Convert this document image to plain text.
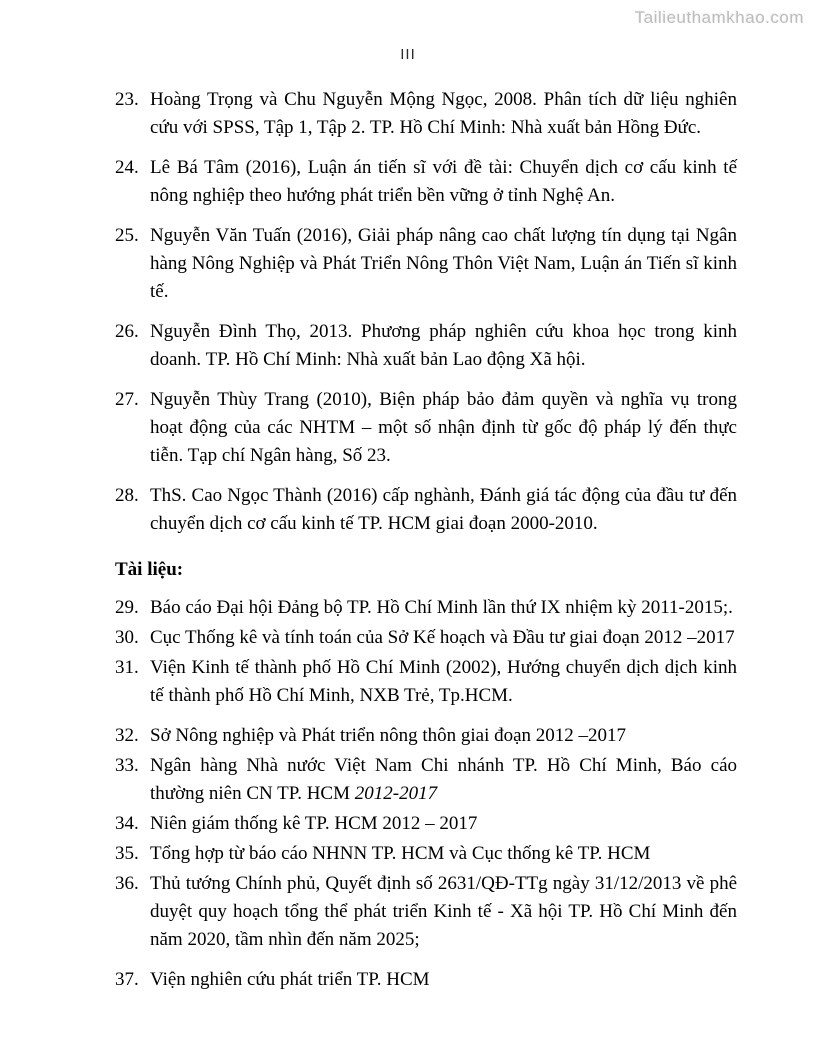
Tailieuthamkhao.com
III
23. Hoàng Trọng và Chu Nguyễn Mộng Ngọc, 2008. Phân tích dữ liệu nghiên cứu với SPSS, Tập 1, Tập 2. TP. Hồ Chí Minh: Nhà xuất bản Hồng Đức.
24. Lê Bá Tâm (2016), Luận án tiến sĩ với đề tài: Chuyển dịch cơ cấu kinh tế nông nghiệp theo hướng phát triển bền vững ở tỉnh Nghệ An.
25. Nguyễn Văn Tuấn (2016), Giải pháp nâng cao chất lượng tín dụng tại Ngân hàng Nông Nghiệp và Phát Triển Nông Thôn Việt Nam, Luận án Tiến sĩ kinh tế.
26. Nguyễn Đình Thọ, 2013. Phương pháp nghiên cứu khoa học trong kinh doanh. TP. Hồ Chí Minh: Nhà xuất bản Lao động Xã hội.
27. Nguyễn Thùy Trang (2010), Biện pháp bảo đảm quyền và nghĩa vụ trong hoạt động của các NHTM – một số nhận định từ gốc độ pháp lý đến thực tiễn. Tạp chí Ngân hàng, Số 23.
28. ThS. Cao Ngọc Thành (2016) cấp nghành, Đánh giá tác động của đầu tư đến chuyển dịch cơ cấu kinh tế TP. HCM giai đoạn 2000-2010.
Tài liệu:
29. Báo cáo Đại hội Đảng bộ TP. Hồ Chí Minh lần thứ IX nhiệm kỳ 2011-2015;.
30. Cục Thống kê và tính toán của Sở Kế hoạch và Đầu tư giai đoạn 2012 –2017
31. Viện Kinh tế thành phố Hồ Chí Minh (2002), Hướng chuyển dịch dịch kinh tế thành phố Hồ Chí Minh, NXB Trẻ, Tp.HCM.
32. Sở Nông nghiệp và Phát triển nông thôn giai đoạn 2012 –2017
33. Ngân hàng Nhà nước Việt Nam Chi nhánh TP. Hồ Chí Minh, Báo cáo thường niên CN TP. HCM 2012-2017
34. Niên giám thống kê TP. HCM 2012 – 2017
35. Tổng hợp từ báo cáo NHNN TP. HCM và Cục thống kê TP. HCM
36. Thủ tướng Chính phủ, Quyết định số 2631/QĐ-TTg ngày 31/12/2013 về phê duyệt quy hoạch tổng thể phát triển Kinh tế - Xã hội TP. Hồ Chí Minh đến năm 2020, tầm nhìn đến năm 2025;
37. Viện nghiên cứu phát triển TP. HCM
